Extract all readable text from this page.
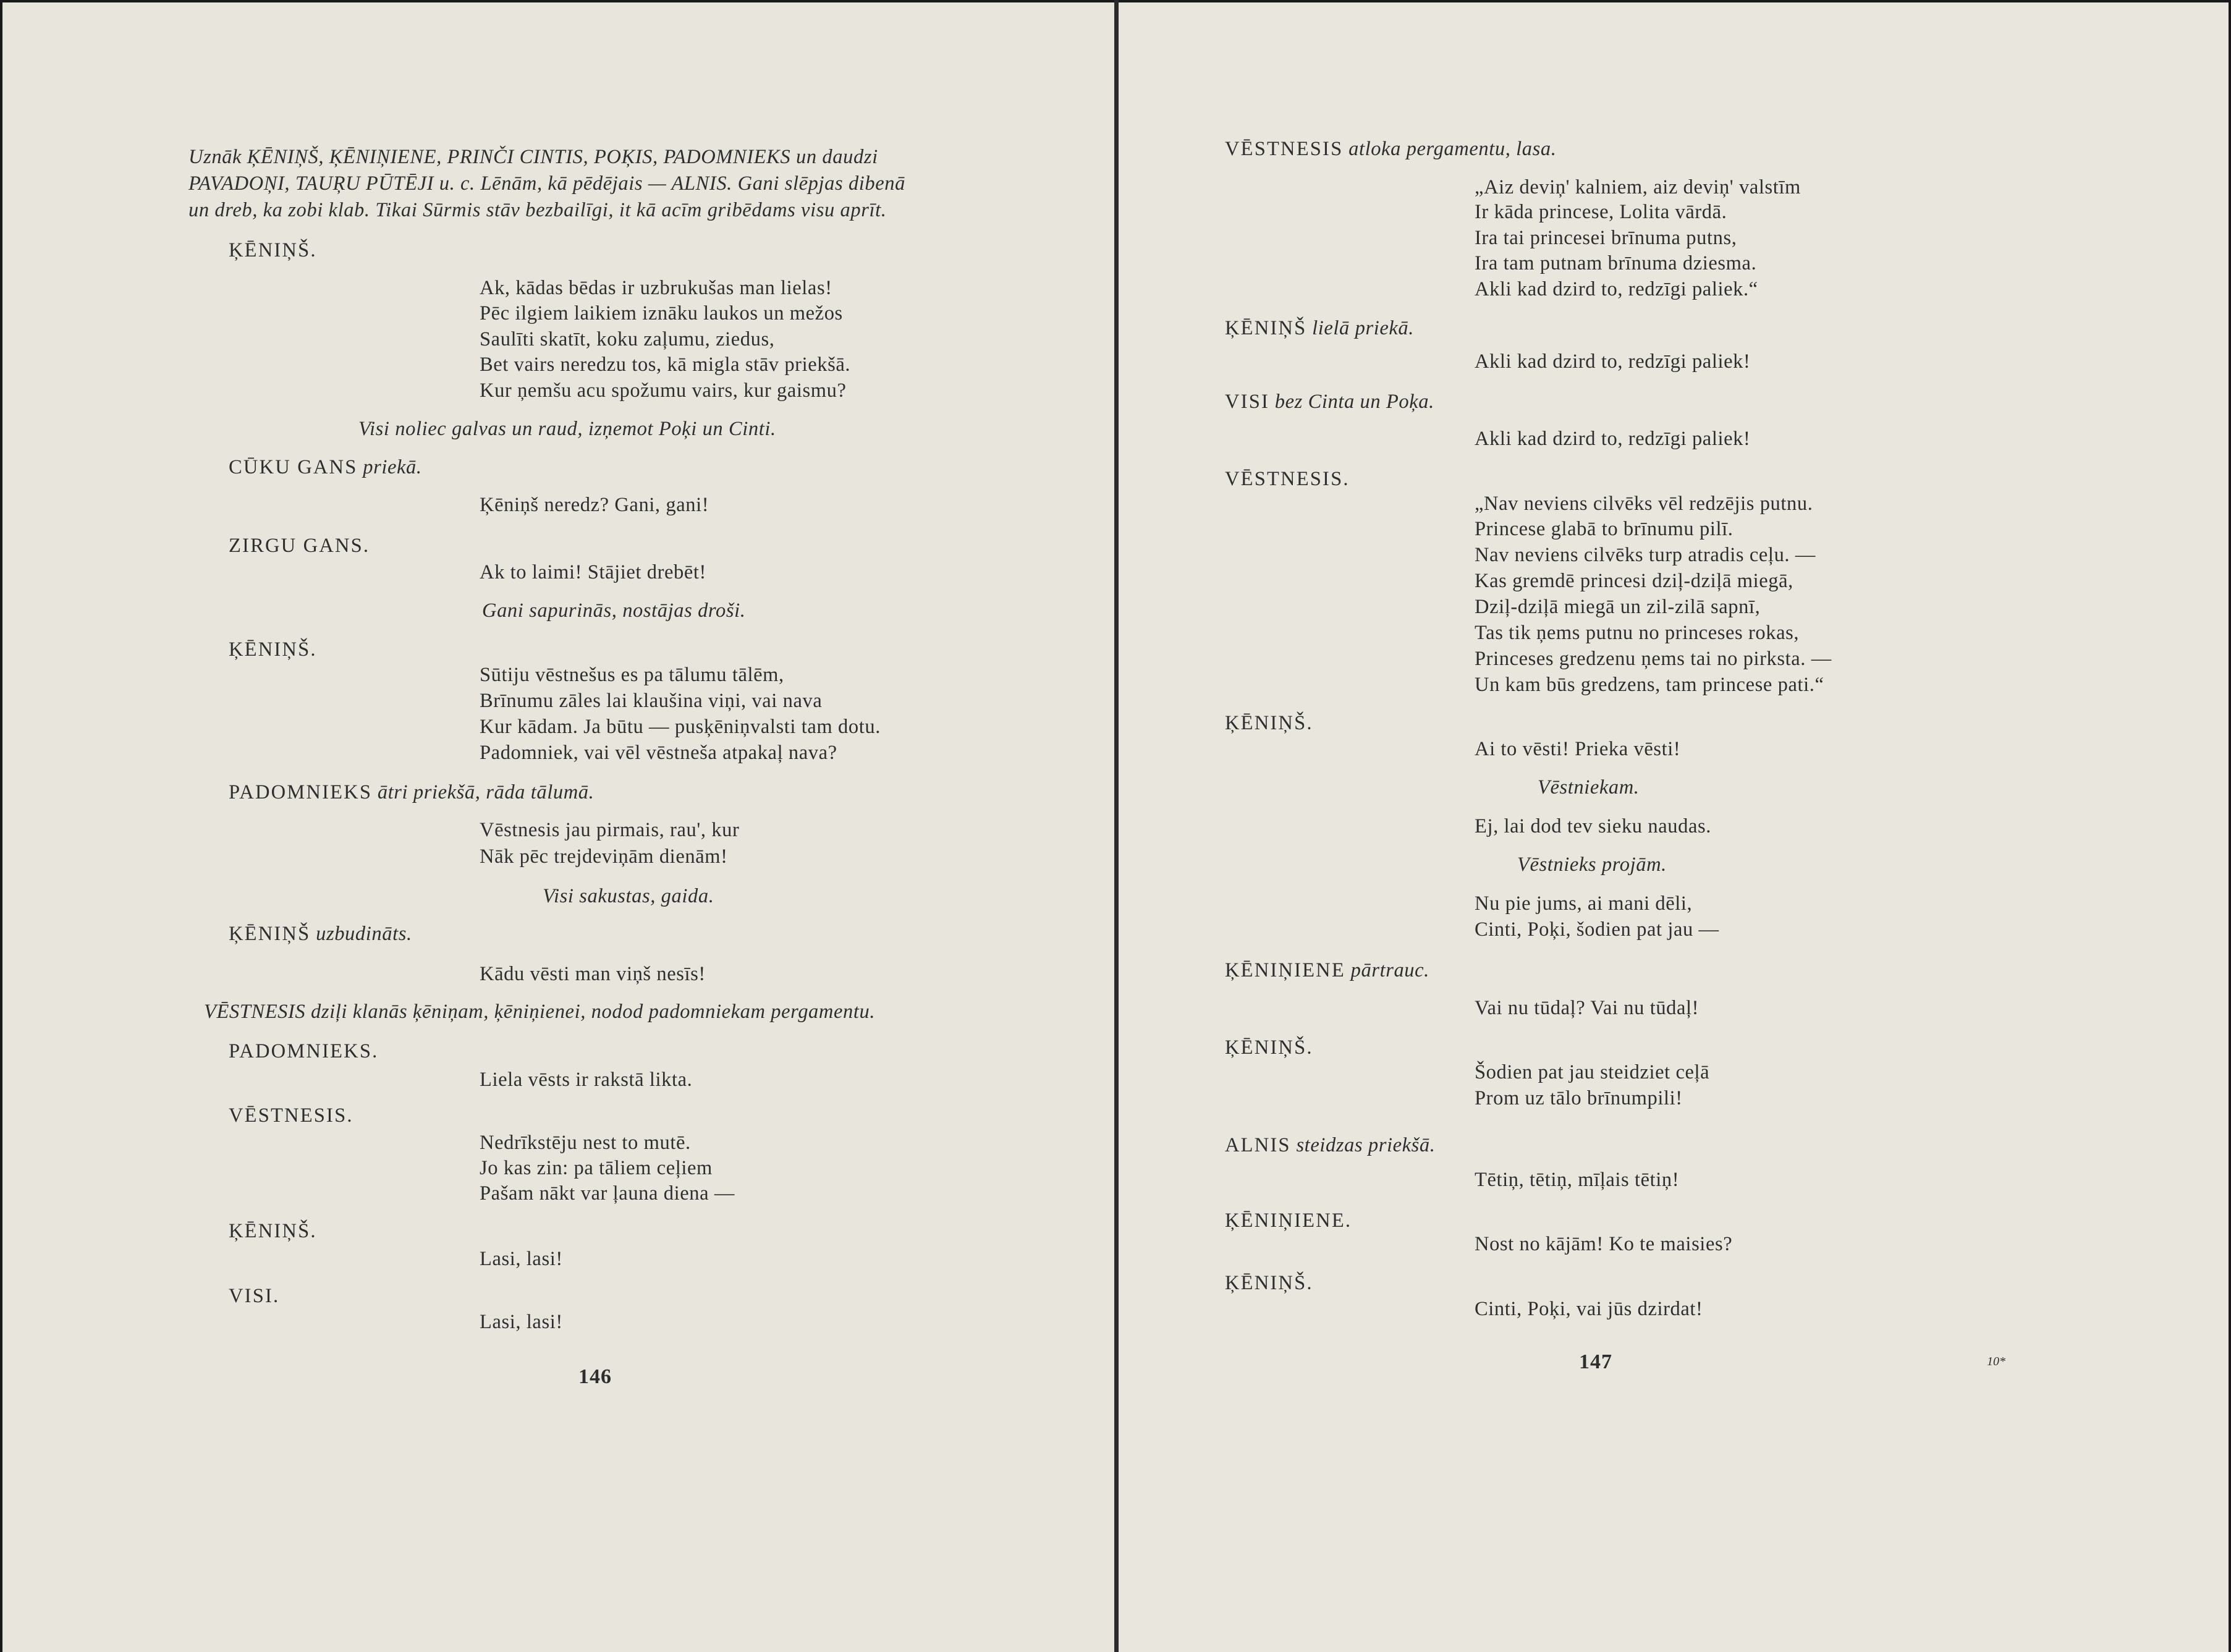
Uznāk ĶĒNIŅŠ, ĶĒNIŅIENE, PRINČI CINTIS, POĶIS, PADOMNIEKS un daudzi
PAVADOŅI, TAUŖU PŪTĒJI u. c. Lēnām, kā pēdējais — ALNIS. Gani slēpjas dibenā
un dreb, ka zobi klab. Tikai Sūrmis stāv bezbailīgi, it kā acīm gribēdams visu aprīt.
ĶĒNIŅŠ.
Ak, kādas bēdas ir uzbrukušas man lielas!
Pēc ilgiem laikiem iznāku laukos un mežos
Saulīti skatīt, koku zaļumu, ziedus,
Bet vairs neredzu tos, kā migla stāv priekšā.
Kur ņemšu acu spožumu vairs, kur gaismu?
Visi noliec galvas un raud, izņemot Poķi un Cinti.
CŪKU GANS priekā.
Ķēniņš neredz? Gani, gani!
ZIRGU GANS.
Ak to laimi! Stājiet drebēt!
Gani sapurinās, nostājas droši.
ĶĒNIŅŠ.
Sūtiju vēstnešus es pa tālumu tālēm,
Brīnumu zāles lai klaušina viņi, vai nava
Kur kādam. Ja būtu — pusķēniņvalsti tam dotu.
Padomniek, vai vēl vēstneša atpakaļ nava?
PADOMNIEKS ātri priekšā, rāda tālumā.
Vēstnesis jau pirmais, rau', kur
Nāk pēc trejdeviņām dienām!
Visi sakustas, gaida.
ĶĒNIŅŠ uzbudināts.
Kādu vēsti man viņš nesīs!
VĒSTNESIS dziļi klanās ķēniņam, ķēniņienei, nodod padomniekam pergamentu.
PADOMNIEKS.
Liela vēsts ir rakstā likta.
VĒSTNESIS.
Nedrīkstēju nest to mutē.
Jo kas zin: pa tāliem ceļiem
Pašam nākt var ļauna diena —
ĶĒNIŅŠ.
Lasi, lasi!
VISI.
Lasi, lasi!
146
VĒSTNESIS atloka pergamentu, lasa.
„Aiz deviņ' kalniem, aiz deviņ' valstīm
Ir kāda princese, Lolita vārdā.
Ira tai princesei brīnuma putns,
Ira tam putnam brīnuma dziesma.
Akli kad dzird to, redzīgi paliek.“
ĶĒNIŅŠ lielā priekā.
Akli kad dzird to, redzīgi paliek!
VISI bez Cinta un Poķa.
Akli kad dzird to, redzīgi paliek!
VĒSTNESIS.
„Nav neviens cilvēks vēl redzējis putnu.
Princese glabā to brīnumu pilī.
Nav neviens cilvēks turp atradis ceļu. —
Kas gremdē princesi dziļ-dziļā miegā,
Dziļ-dziļā miegā un zil-zilā sapnī,
Tas tik ņems putnu no princeses rokas,
Princeses gredzenu ņems tai no pirksta. —
Un kam būs gredzens, tam princese pati.“
ĶĒNIŅŠ.
Ai to vēsti! Prieka vēsti!
Vēstniekam.
Ej, lai dod tev sieku naudas.
Vēstnieks projām.
Nu pie jums, ai mani dēli,
Cinti, Poķi, šodien pat jau —
ĶĒNIŅIENE pārtrauc.
Vai nu tūdaļ? Vai nu tūdaļ!
ĶĒNIŅŠ.
Šodien pat jau steidziet ceļā
Prom uz tālo brīnumpili!
ALNIS steidzas priekšā.
Tētiņ, tētiņ, mīļais tētiņ!
ĶĒNIŅIENE.
Nost no kājām! Ko te maisies?
ĶĒNIŅŠ.
Cinti, Poķi, vai jūs dzirdat!
147	10*
